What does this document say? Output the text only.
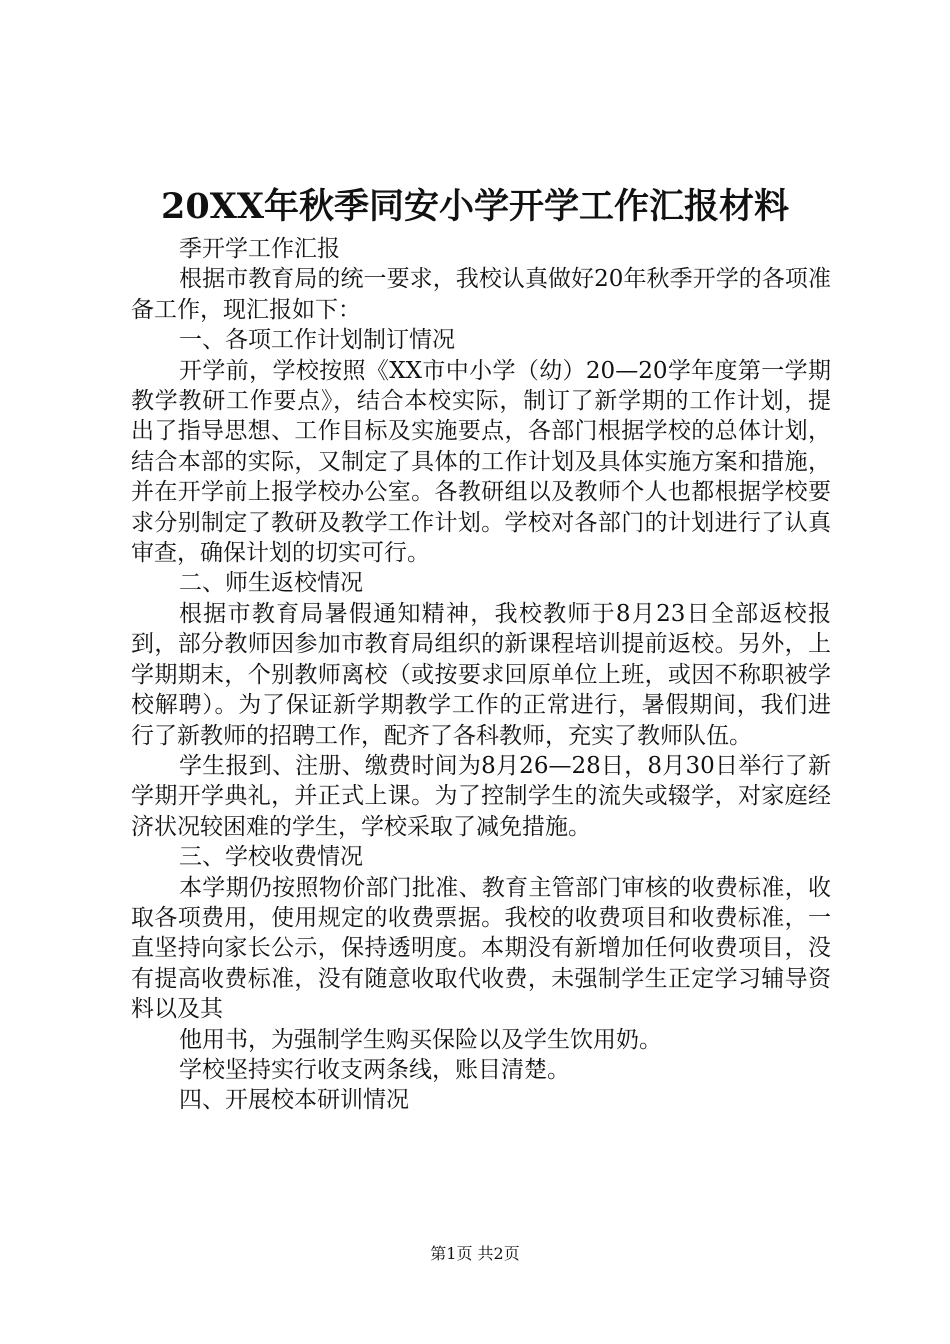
20XX年秋季同安小学开学工作汇报材料

季开学工作汇报

根据市教育局的统一要求，我校认真做好20年秋季开学的各项准备工作，现汇报如下：

一、各项工作计划制订情况

开学前，学校按照《XX市中小学（幼）20—20学年度第一学期教学教研工作要点》，结合本校实际，制订了新学期的工作计划，提出了指导思想、工作目标及实施要点，各部门根据学校的总体计划，结合本部的实际，又制定了具体的工作计划及具体实施方案和措施，并在开学前上报学校办公室。各教研组以及教师个人也都根据学校要求分别制定了教研及教学工作计划。学校对各部门的计划进行了认真审查，确保计划的切实可行。

二、师生返校情况

根据市教育局暑假通知精神，我校教师于8月23日全部返校报到，部分教师因参加市教育局组织的新课程培训提前返校。另外，上学期期末，个别教师离校（或按要求回原单位上班，或因不称职被学校解聘）。为了保证新学期教学工作的正常进行，暑假期间，我们进行了新教师的招聘工作，配齐了各科教师，充实了教师队伍。

学生报到、注册、缴费时间为8月26—28日，8月30日举行了新学期开学典礼，并正式上课。为了控制学生的流失或辍学，对家庭经济状况较困难的学生，学校采取了减免措施。

三、学校收费情况

本学期仍按照物价部门批准、教育主管部门审核的收费标准，收取各项费用，使用规定的收费票据。我校的收费项目和收费标准，一直坚持向家长公示，保持透明度。本期没有新增加任何收费项目，没有提高收费标准，没有随意收取代收费，未强制学生正定学习辅导资料以及其

他用书，为强制学生购买保险以及学生饮用奶。

学校坚持实行收支两条线，账目清楚。

四、开展校本研训情况

第1页 共2页
